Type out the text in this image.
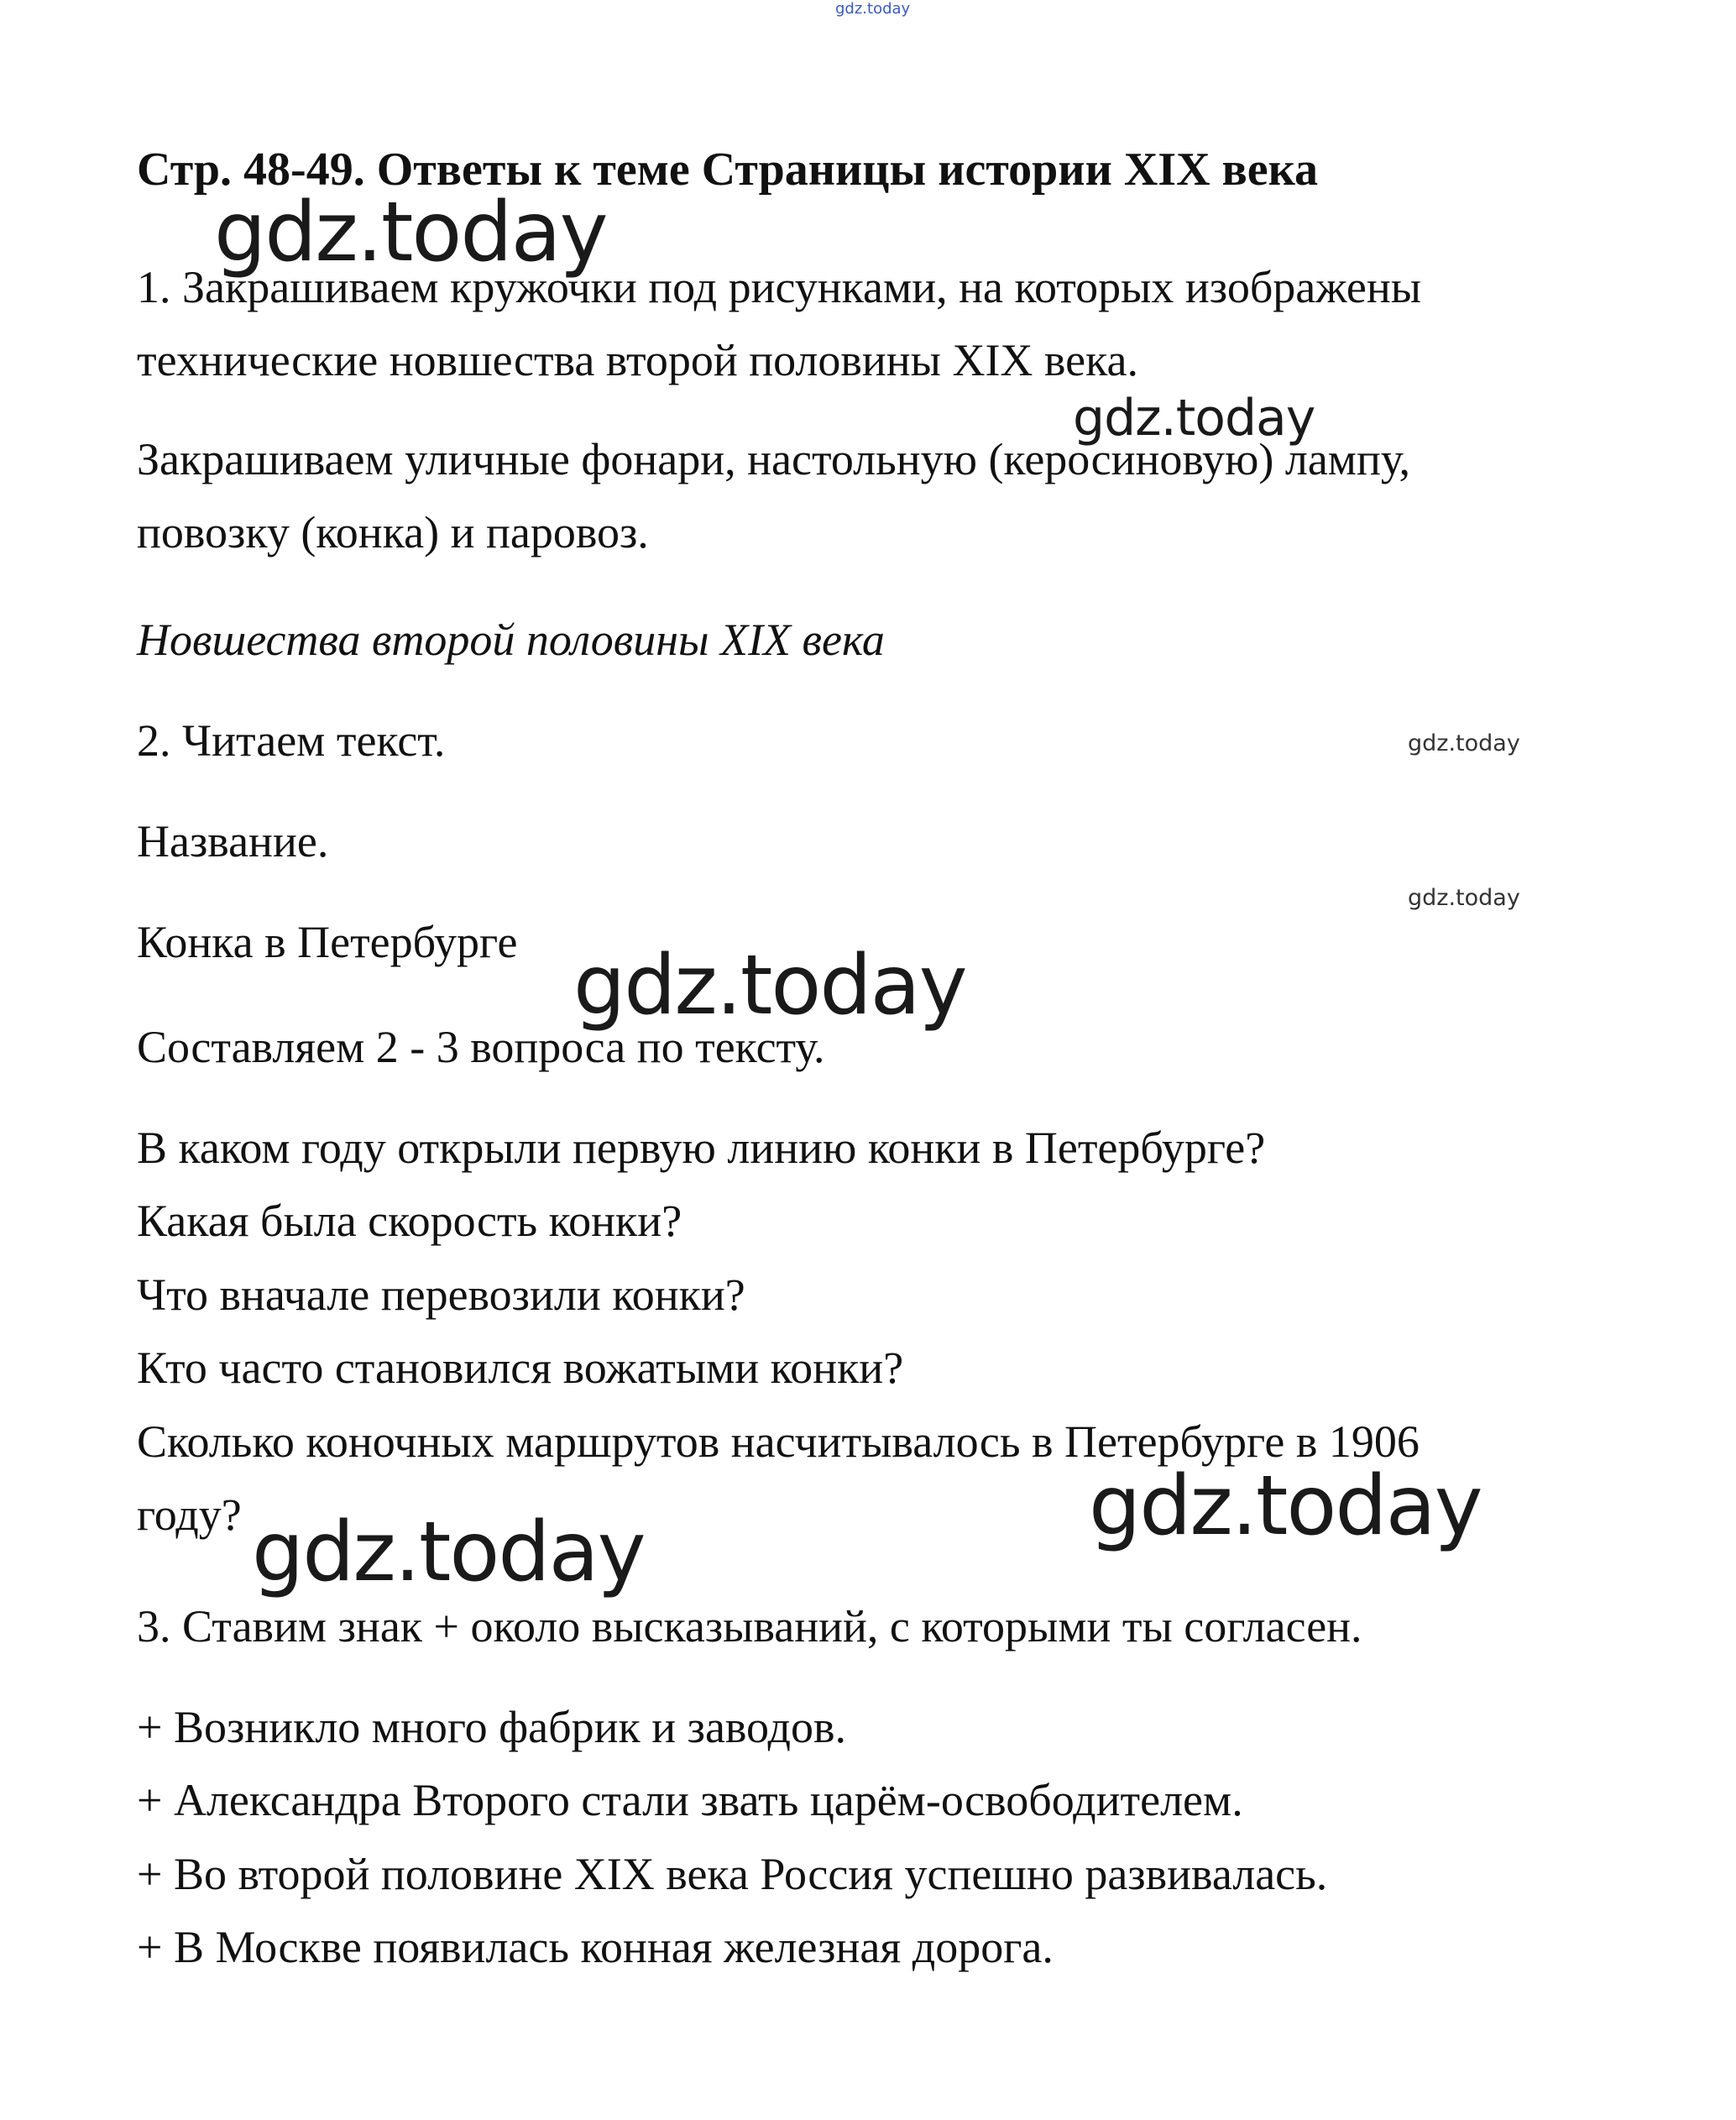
gdz.today
gdz.today
gdz.today
gdz.today
gdz.today
gdz.today
gdz.today
gdz.today

Стр. 48-49. Ответы к теме Страницы истории XIX века

1. Закрашиваем кружочки под рисунками, на которых изображены

технические новшества второй половины XIX века.

Закрашиваем уличные фонари, настольную (керосиновую) лампу,

повозку (конка) и паровоз.

Новшества второй половины XIX века

2. Читаем текст.

Название.

Конка в Петербурге

Составляем 2 - 3 вопроса по тексту.

В каком году открыли первую линию конки в Петербурге?

Какая была скорость конки?

Что вначале перевозили конки?

Кто часто становился вожатыми конки?

Сколько коночных маршрутов насчитывалось в Петербурге в 1906

году?

3. Ставим знак + около высказываний, с которыми ты согласен.

+ Возникло много фабрик и заводов.

+ Александра Второго стали звать царём-освободителем.

+ Во второй половине XIX века Россия успешно развивалась.

+ В Москве появилась конная железная дорога.
